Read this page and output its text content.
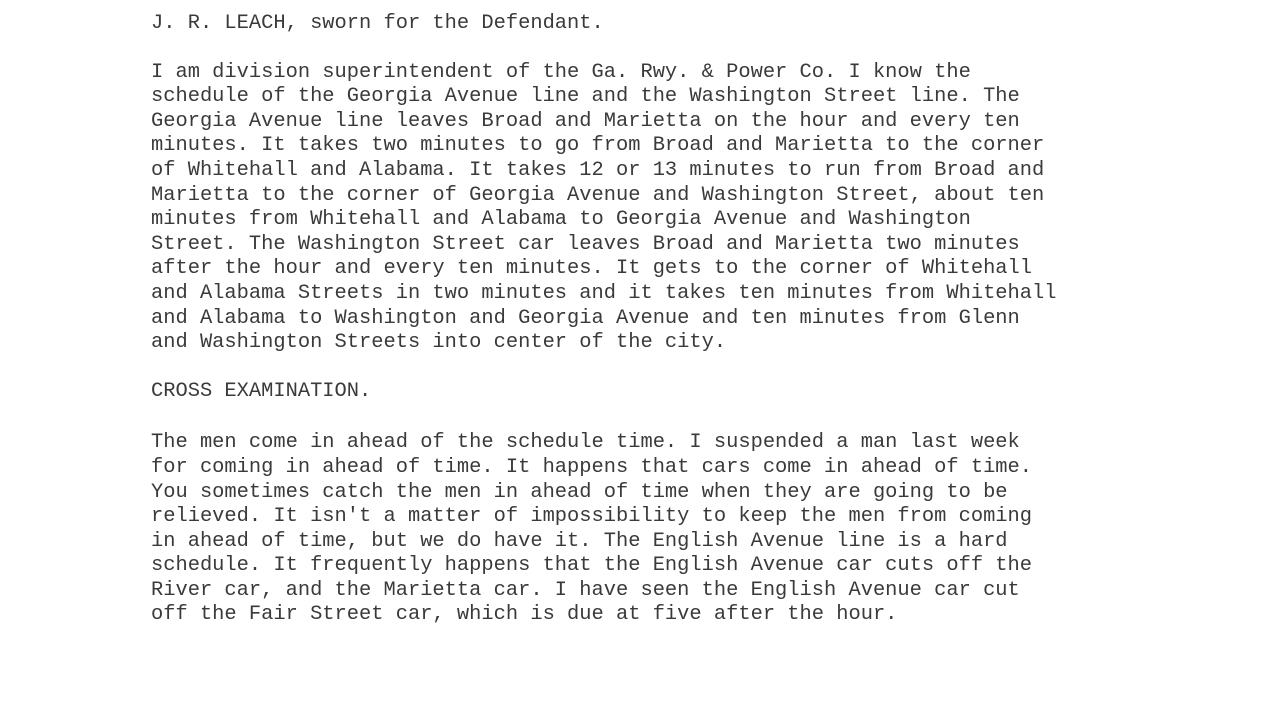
J. R. LEACH, sworn for the Defendant.
I am division superintendent of the Ga. Rwy. & Power Co. I know the
schedule of the Georgia Avenue line and the Washington Street line. The
Georgia Avenue line leaves Broad and Marietta on the hour and every ten
minutes. It takes two minutes to go from Broad and Marietta to the corner
of Whitehall and Alabama. It takes 12 or 13 minutes to run from Broad and
Marietta to the corner of Georgia Avenue and Washington Street, about ten
minutes from Whitehall and Alabama to Georgia Avenue and Washington
Street. The Washington Street car leaves Broad and Marietta two minutes
after the hour and every ten minutes. It gets to the corner of Whitehall
and Alabama Streets in two minutes and it takes ten minutes from Whitehall
and Alabama to Washington and Georgia Avenue and ten minutes from Glenn
and Washington Streets into center of the city.
CROSS EXAMINATION.
The men come in ahead of the schedule time. I suspended a man last week
for coming in ahead of time. It happens that cars come in ahead of time.
You sometimes catch the men in ahead of time when they are going to be
relieved. It isn't a matter of impossibility to keep the men from coming
in ahead of time, but we do have it. The English Avenue line is a hard
schedule. It frequently happens that the English Avenue car cuts off the
River car, and the Marietta car. I have seen the English Avenue car cut
off the Fair Street car, which is due at five after the hour.
